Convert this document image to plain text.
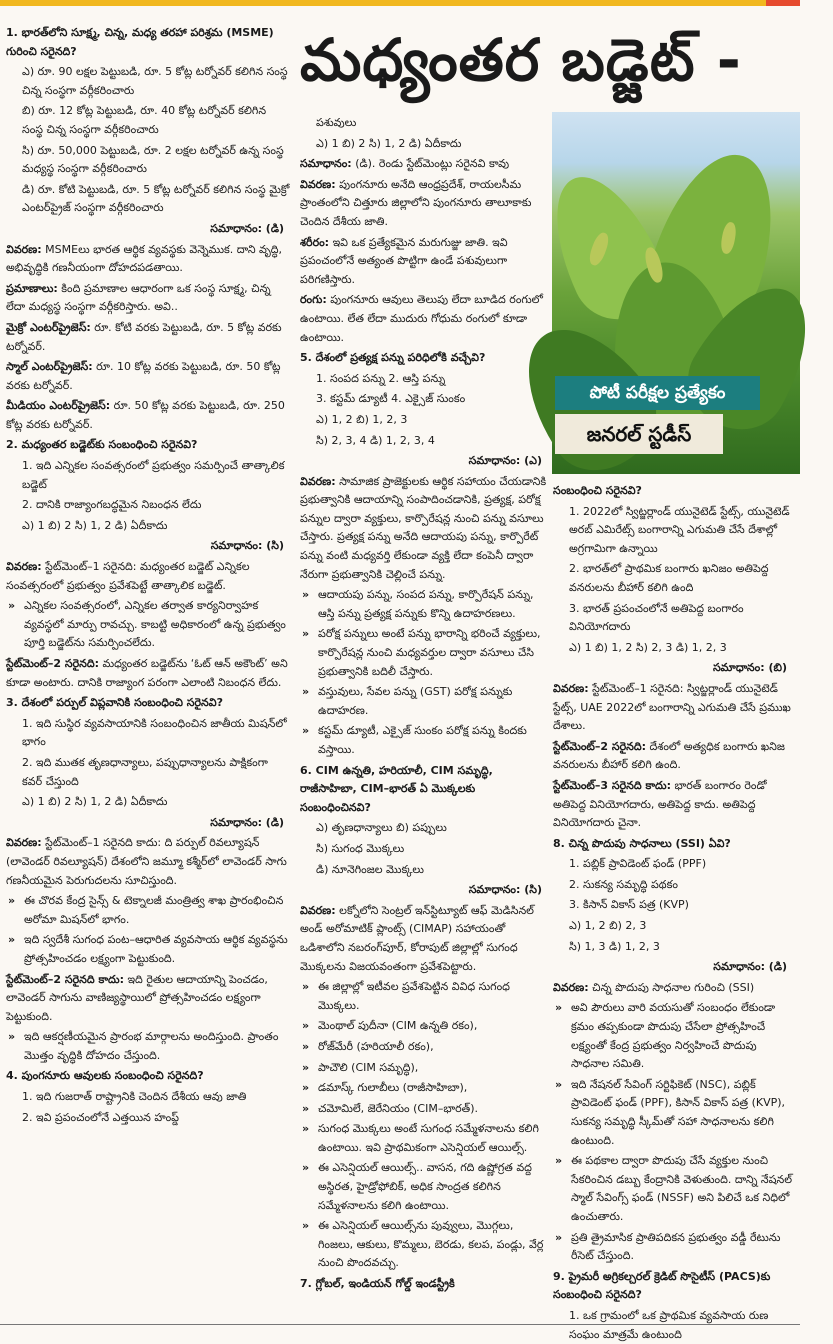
మధ్యంతర బడ్జెట్ -
1. భారత్‌లోని సూక్ష్మ, చిన్న, మధ్య తరహా పరిశ్రమ (MSME) గురించి సరైనది?
ఎ) రూ. 90 లక్షల పెట్టుబడి, రూ. 5 కోట్ల టర్నోవర్ కలిగిన సంస్థ చిన్న సంస్థగా వర్గీకరించారు
బి) రూ. 12 కోట్ల పెట్టుబడి, రూ. 40 కోట్ల టర్నోవర్ కలిగిన సంస్థ చిన్న సంస్థగా వర్గీకరించారు
సి) రూ. 50,000 పెట్టుబడి, రూ. 2 లక్షల టర్నోవర్ ఉన్న సంస్థ మధ్యస్థ సంస్థగా వర్గీకరించారు
డి) రూ. కోటి పెట్టుబడి, రూ. 5 కోట్ల టర్నోవర్ కలిగిన సంస్థ మైక్రో ఎంటర్‌ప్రైజ్ సంస్థగా వర్గీకరించారు
సమాధానం: (డి)
వివరణ: MSMEలు భారత ఆర్థిక వ్యవస్థకు వెన్నెముక. దాని వృద్ధి, అభివృద్ధికి గణనీయంగా దోహదపడతాయి.
ప్రమాణాలు: కింది ప్రమాణాల ఆధారంగా ఒక సంస్థ సూక్ష్మ, చిన్న లేదా మధ్యస్థ సంస్థగా వర్గీకరిస్తారు. అవి..
మైక్రో ఎంటర్‌ప్రైజెస్: రూ. కోటి వరకు పెట్టుబడి, రూ. 5 కోట్ల వరకు టర్నోవర్.
స్మాల్ ఎంటర్‌ప్రైజెస్: రూ. 10 కోట్ల వరకు పెట్టుబడి, రూ. 50 కోట్ల వరకు టర్నోవర్.
మీడియం ఎంటర్‌ప్రైజెస్: రూ. 50 కోట్ల వరకు పెట్టుబడి, రూ. 250 కోట్ల వరకు టర్నోవర్.
2. మధ్యంతర బడ్జెట్‌కు సంబంధించి సరైనవి?
1. ఇది ఎన్నికల సంవత్సరంలో ప్రభుత్వం సమర్పించే తాత్కాలిక బడ్జెట్
2. దానికి రాజ్యాంగబద్ధమైన నిబంధన లేదు
ఎ) 1 బి) 2 సి) 1, 2 డి) ఏదీకాదు
సమాధానం: (సి)
వివరణ: స్టేట్‌మెంట్–1 సరైనది: మధ్యంతర బడ్జెట్ ఎన్నికల సంవత్సరంలో ప్రభుత్వం ప్రవేశపెట్టే తాత్కాలిక బడ్జెట్.
» ఎన్నికల సంవత్సరంలో, ఎన్నికల తర్వాత కార్యనిర్వాహక వ్యవస్థలో మార్పు రావచ్చు. కాబట్టి అధికారంలో ఉన్న ప్రభుత్వం పూర్తి బడ్జెట్‌ను సమర్పించలేదు.
స్టేట్‌మెంట్–2 సరైనది: మధ్యంతర బడ్జెట్‌ను ‘ఓట్ ఆన్ అకౌంట్’ అని కూడా అంటారు. దానికి రాజ్యాంగ పరంగా ఎలాంటి నిబంధన లేదు.
3. దేశంలో పర్పుల్ విప్లవానికి సంబంధించి సరైనవి?
1. ఇది సుస్థిర వ్యవసాయానికి సంబంధించిన జాతీయ మిషన్‌లో భాగం
2. ఇది ముతక తృణధాన్యాలు, పప్పుధాన్యాలను పాక్షికంగా కవర్ చేస్తుంది
ఎ) 1 బి) 2 సి) 1, 2 డి) ఏదీకాదు
సమాధానం: (డి)
వివరణ: స్టేట్‌మెంట్–1 సరైనది కాదు: ది పర్పుల్ రివల్యూషన్ (లావెండర్ రివల్యూషన్) దేశంలోని జమ్మూ కశ్మీర్‌లో లావెండర్ సాగు గణనీయమైన పెరుగుదలను సూచిస్తుంది.
» ఈ చొరవ కేంద్ర సైన్స్ & టెక్నాలజీ మంత్రిత్వ శాఖ ప్రారంభించిన అరోమా మిషన్‌లో భాగం.
» ఇది స్వదేశీ సుగంధ పంట–ఆధారిత వ్యవసాయ ఆర్థిక వ్యవస్థను ప్రోత్సహించడం లక్ష్యంగా పెట్టుకుంది.
స్టేట్‌మెంట్–2 సరైనది కాదు: ఇది రైతుల ఆదాయాన్ని పెంచడం, లావెండర్ సాగును వాణిజ్యస్థాయిలో ప్రోత్సహించడం లక్ష్యంగా పెట్టుకుంది.
» ఇది ఆకర్షణీయమైన ప్రారంభ మార్గాలను అందిస్తుంది. ప్రాంతం మొత్తం వృద్ధికి దోహదం చేస్తుంది.
4. పుంగనూరు ఆవులకు సంబంధించి సరైనది?
1. ఇది గుజరాత్ రాష్ట్రానికి చెందిన దేశీయ ఆవు జాతి
2. ఇవి ప్రపంచంలోనే ఎత్తయిన హంప్డ్
పశువులు
ఎ) 1 బి) 2 సి) 1, 2 డి) ఏదీకాదు
సమాధానం: (డి). రెండు స్టేట్‌మెంట్లు సరైనవి కావు
వివరణ: పుంగనూరు అనేది ఆంధ్రప్రదేశ్, రాయలసీమ ప్రాంతంలోని చిత్తూరు జిల్లాలోని పుంగనూరు తాలూకాకు చెందిన దేశీయ జాతి.
శరీరం: ఇవి ఒక ప్రత్యేకమైన మరుగుజ్జు జాతి. ఇవి ప్రపంచంలోనే అత్యంత పొట్టిగా ఉండే పశువులుగా పరిగణిస్తారు.
రంగు: పుంగనూరు ఆవులు తెలుపు లేదా బూడిద రంగులో ఉంటాయి. లేత లేదా ముదురు గోధుమ రంగులో కూడా ఉంటాయి.
5. దేశంలో ప్రత్యక్ష పన్ను పరిధిలోకి వచ్చేవి?
1. సంపద పన్ను 2. ఆస్తి పన్ను
3. కస్టమ్ డ్యూటీ 4. ఎక్సైజ్ సుంకం
ఎ) 1, 2 బి) 1, 2, 3
సి) 2, 3, 4 డి) 1, 2, 3, 4
సమాధానం: (ఎ)
వివరణ: సామాజిక ప్రాజెక్టులకు ఆర్థిక సహాయం చేయడానికి ప్రభుత్వానికి ఆదాయాన్ని సంపాదించడానికి, ప్రత్యక్ష, పరోక్ష పన్నుల ద్వారా వ్యక్తులు, కార్పొరేషన్ల నుంచి పన్ను వసూలు చేస్తారు. ప్రత్యక్ష పన్ను అనేది ఆదాయపు పన్ను, కార్పొరేట్ పన్ను వంటి మధ్యవర్తి లేకుండా వ్యక్తి లేదా కంపెనీ ద్వారా నేరుగా ప్రభుత్వానికి చెల్లించే పన్ను.
» ఆదాయపు పన్ను, సంపద పన్ను, కార్పొరేషన్ పన్ను, ఆస్తి పన్ను ప్రత్యక్ష పన్నుకు కొన్ని ఉదాహరణలు.
» పరోక్ష పన్నులు అంటే పన్ను భారాన్ని భరించే వ్యక్తులు, కార్పొరేషన్ల నుంచి మధ్యవర్తుల ద్వారా వసూలు చేసి ప్రభుత్వానికి బదిలీ చేస్తారు.
» వస్తువులు, సేవల పన్ను (GST) పరోక్ష పన్నుకు ఉదాహరణ.
» కస్టమ్ డ్యూటీ, ఎక్సైజ్ సుంకం పరోక్ష పన్ను కిందకు వస్తాయి.
6. CIM ఉన్నతి, హరియాలీ, CIM సమృద్ధి, రాజీసాహిబా, CIM–భారత్ ఏ మొక్కలకు సంబంధించినవి?
ఎ) తృణధాన్యాలు బి) పప్పులు
సి) సుగంధ మొక్కలు
డి) నూనెగింజల మొక్కలు
సమాధానం: (సి)
వివరణ: లక్నోలోని సెంట్రల్ ఇన్‌స్టిట్యూట్ ఆఫ్ మెడిసినల్ అండ్ అరోమాటిక్ ప్లాంట్స్ (CIMAP) సహాయంతో ఒడిశాలోని నబరంగ్‌పూర్, కోరాపుట్ జిల్లాల్లో సుగంధ మొక్కలను విజయవంతంగా ప్రవేశపెట్టారు.
» ఈ జిల్లాల్లో ఇటీవల ప్రవేశపెట్టిన వివిధ సుగంధ మొక్కలు.
» మెంథాల్ పుదీనా (CIM ఉన్నతి రకం),
» రోజ్‌మేరీ (హరియాలీ రకం),
» పాచౌలి (CIM సమృద్ధి),
» డమాస్క్ గులాబీలు (రాజీసాహిబా),
» చమోమిలే, జెరేనియం (CIM–భారత్).
» సుగంధ మొక్కలు అంటే సుగంధ సమ్మేళనాలను కలిగి ఉంటాయి. ఇవి ప్రాథమికంగా ఎసెన్షియల్ ఆయిల్స్.
» ఈ ఎసెన్షియల్ ఆయిల్స్.. వాసన, గది ఉష్ణోగ్రత వద్ద అస్థిరత, హైడ్రోఫోబిక్, అధిక సాంద్రత కలిగిన సమ్మేళనాలను కలిగి ఉంటాయి.
» ఈ ఎసెన్షియల్ ఆయిల్స్‌ను పువ్వులు, మొగ్గలు, గింజలు, ఆకులు, కొమ్మలు, బెరడు, కలప, పండ్లు, వేర్ల నుంచి పొందవచ్చు.
7. గ్లోబల్, ఇండియన్ గోల్డ్ ఇండస్ట్రీకి
సంబంధించి సరైనవి?
1. 2022లో స్విట్జర్లాండ్ యునైటెడ్ స్టేట్స్, యునైటెడ్ అరబ్ ఎమిరేట్స్ బంగారాన్ని ఎగుమతి చేసే దేశాల్లో అగ్రగామిగా ఉన్నాయి
2. భారత్‌లో ప్రాథమిక బంగారు ఖనిజం అతిపెద్ద వనరులను బీహార్ కలిగి ఉంది
3. భారత్ ప్రపంచంలోనే అతిపెద్ద బంగారం వినియోగదారు
ఎ) 1 బి) 1, 2 సి) 2, 3 డి) 1, 2, 3
సమాధానం: (బి)
వివరణ: స్టేట్‌మెంట్–1 సరైనది: స్విట్జర్లాండ్ యునైటెడ్ స్టేట్స్, UAE 2022లో బంగారాన్ని ఎగుమతి చేసే ప్రముఖ దేశాలు.
స్టేట్‌మెంట్–2 సరైనది: దేశంలో అత్యధిక బంగారు ఖనిజ వనరులను బీహార్ కలిగి ఉంది.
స్టేట్‌మెంట్–3 సరైనది కాదు: భారత్ బంగారం రెండో అతిపెద్ద వినియోగదారు, అతిపెద్ద కాదు. అతిపెద్ద వినియోగదారు చైనా.
8. చిన్న పొదుపు సాధనాలు (SSI) ఏవి?
1. పబ్లిక్ ప్రావిడెంట్ ఫండ్ (PPF)
2. సుకన్య సమృద్ధి పథకం
3. కిసాన్ వికాస్ పత్ర (KVP)
ఎ) 1, 2 బి) 2, 3
సి) 1, 3 డి) 1, 2, 3
సమాధానం: (డి)
వివరణ: చిన్న పొదుపు సాధనాల గురించి (SSI)
» అవి పౌరులు వారి వయసుతో సంబంధం లేకుండా క్రమం తప్పకుండా పొదుపు చేసేలా ప్రోత్సహించే లక్ష్యంతో కేంద్ర ప్రభుత్వం నిర్వహించే పొదుపు సాధనాల సమితి.
» ఇది నేషనల్ సేవింగ్ సర్టిఫికెట్ (NSC), పబ్లిక్ ప్రావిడెంట్ ఫండ్ (PPF), కిసాన్ వికాస్ పత్ర (KVP), సుకన్య సమృద్ధి స్కీమ్‌తో సహా సాధనాలను కలిగి ఉంటుంది.
» ఈ పథకాల ద్వారా పొదుపు చేసే వ్యక్తుల నుంచి సేకరించిన డబ్బు కేంద్రానికి వెళుతుంది. దాన్ని నేషనల్ స్మాల్ సేవింగ్స్ ఫండ్ (NSSF) అని పిలిచే ఒక నిధిలో ఉంచుతారు.
» ప్రతి త్రైమాసిక ప్రాతిపదికన ప్రభుత్వం వడ్డీ రేటును రీసెట్ చేస్తుంది.
9. ప్రైమరీ అగ్రికల్చరల్ క్రెడిట్ సొసైటీస్ (PACS)కు సంబంధించి సరైనది?
1. ఒక గ్రామంలో ఒక ప్రాథమిక వ్యవసాయ రుణ సంఘం మాత్రమే ఉంటుంది
పోటీ పరీక్షల ప్రత్యేకం
జనరల్ స్టడీస్
